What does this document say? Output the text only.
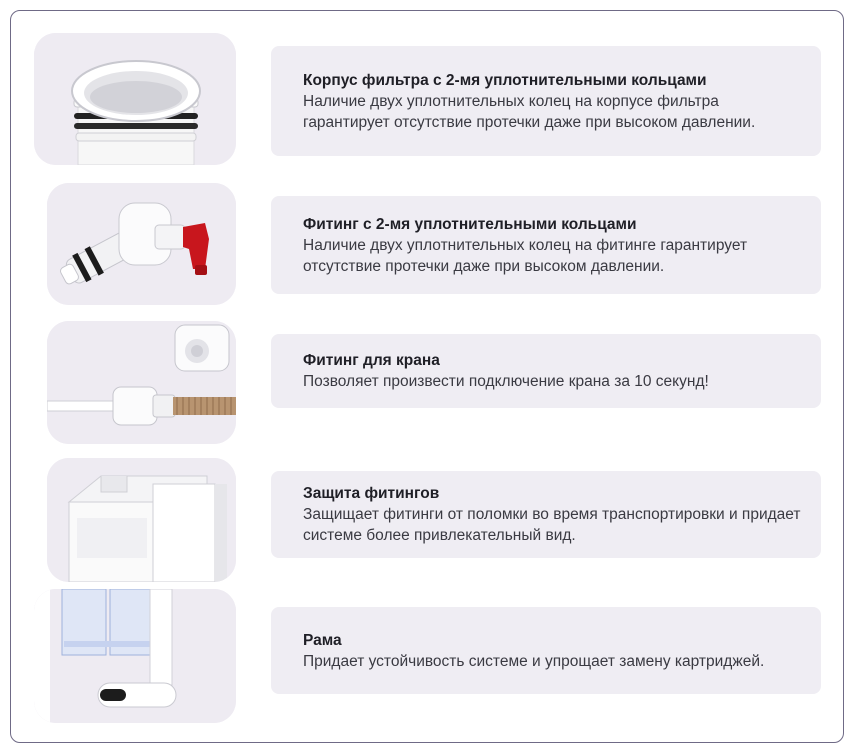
Корпус фильтра с 2-мя уплотнительными кольцами
Наличие двух уплотнительных колец на корпусе фильтра гарантирует отсутствие протечки даже при высоком давлении.
Фитинг с 2-мя уплотнительными кольцами
Наличие двух уплотнительных колец на фитинге гарантирует отсутствие протечки даже при высоком давлении.
Фитинг для крана
Позволяет произвести подключение крана за 10 секунд!
Защита фитингов
Защищает фитинги от поломки во время транспортировки и придает системе более привлекательный вид.
Рама
Придает устойчивость системе и упрощает замену картриджей.
